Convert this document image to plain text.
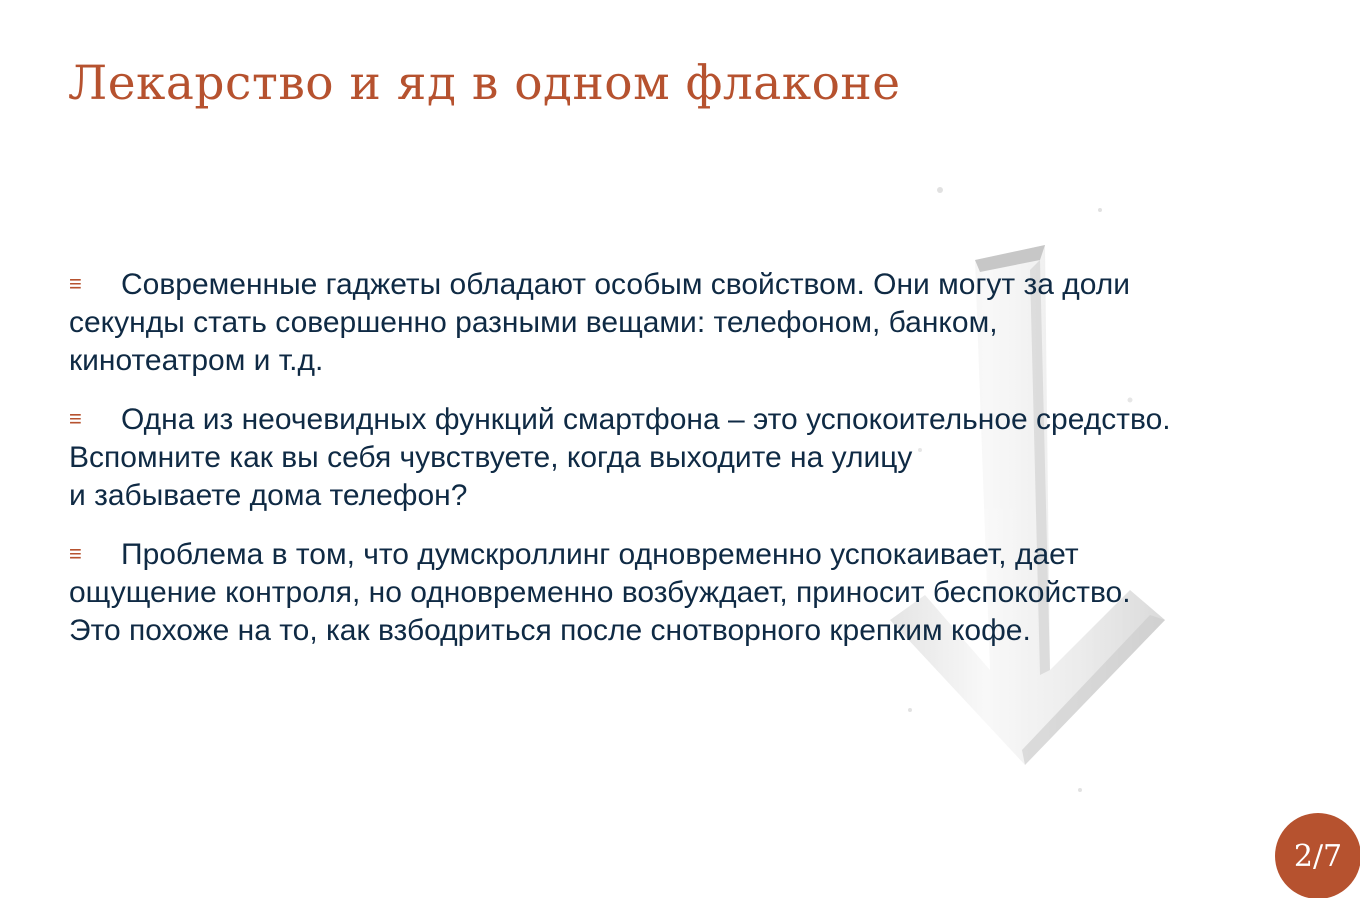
Лекарство и яд в одном флаконе

≡ Современные гаджеты обладают особым свойством. Они могут за доли
секунды стать совершенно разными вещами: телефоном, банком,
кинотеатром и т.д.

≡ Одна из неочевидных функций смартфона – это успокоительное средство.
Вспомните как вы себя чувствуете, когда выходите на улицу
и забываете дома телефон?

≡ Проблема в том, что думскроллинг одновременно успокаивает, дает
ощущение контроля, но одновременно возбуждает, приносит беспокойство.
Это похоже на то, как взбодриться после снотворного крепким кофе.

2/7
